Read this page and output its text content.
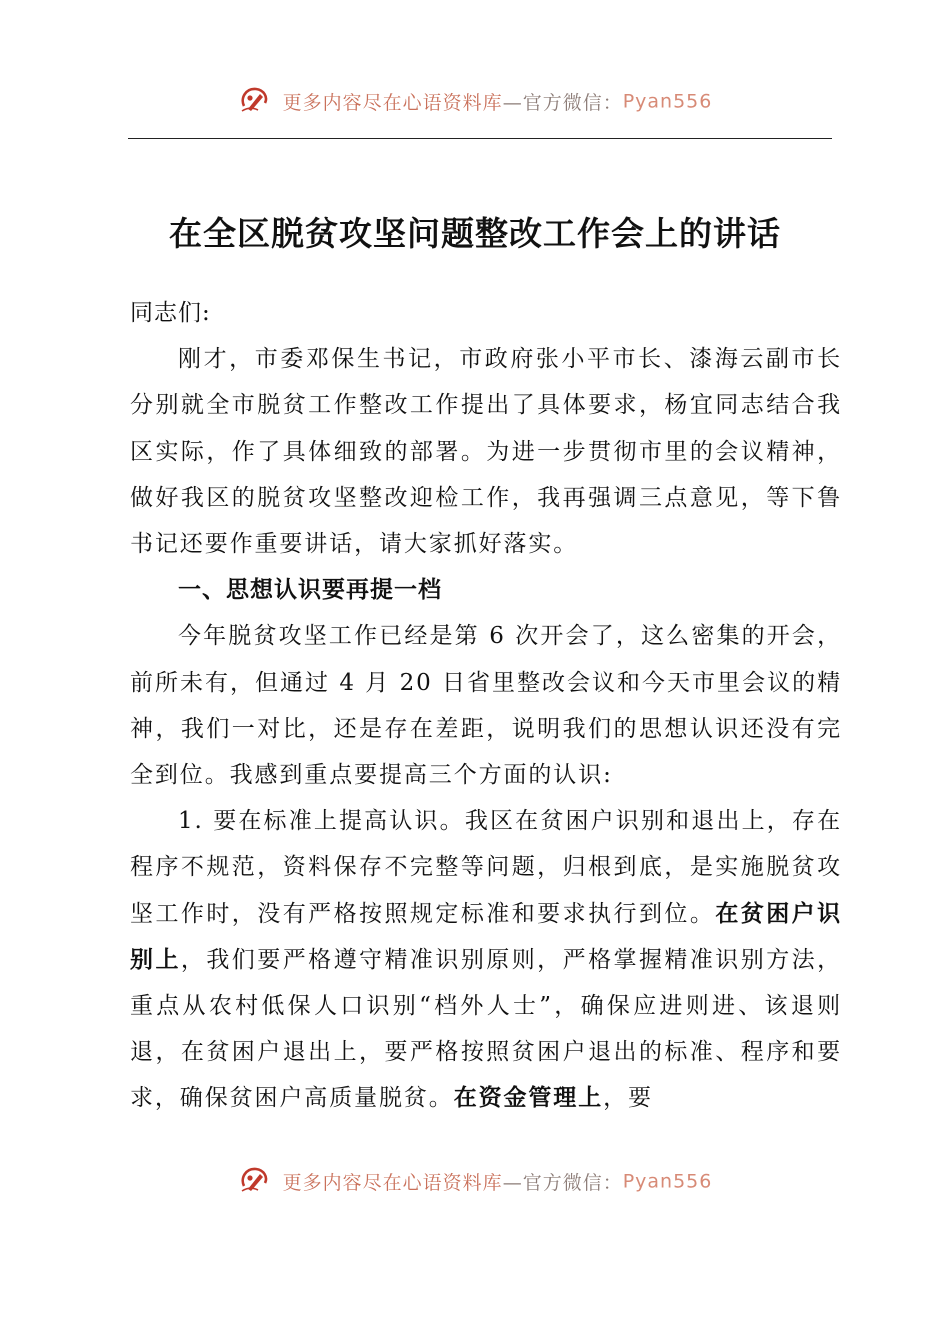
更多内容尽在心语资料库—官方微信：Pyan556
在全区脱贫攻坚问题整改工作会上的讲话

同志们:

刚才，市委邓保生书记，市政府张小平市长、漆海云副市长分别就全市脱贫工作整改工作提出了具体要求，杨宜同志结合我区实际，作了具体细致的部署。为进一步贯彻市里的会议精神，做好我区的脱贫攻坚整改迎检工作，我再强调三点意见，等下鲁书记还要作重要讲话，请大家抓好落实。

一、思想认识要再提一档

今年脱贫攻坚工作已经是第 6 次开会了，这么密集的开会，前所未有，但通过 4 月 20 日省里整改会议和今天市里会议的精神，我们一对比，还是存在差距，说明我们的思想认识还没有完全到位。我感到重点要提高三个方面的认识:

1. 要在标准上提高认识。我区在贫困户识别和退出上，存在程序不规范，资料保存不完整等问题，归根到底，是实施脱贫攻坚工作时，没有严格按照规定标准和要求执行到位。在贫困户识别上，我们要严格遵守精准识别原则，严格掌握精准识别方法，重点从农村低保人口识别“档外人士”，确保应进则进、该退则退，在贫困户退出上，要严格按照贫困户退出的标准、程序和要求，确保贫困户高质量脱贫。在资金管理上，要

更多内容尽在心语资料库—官方微信：Pyan556
